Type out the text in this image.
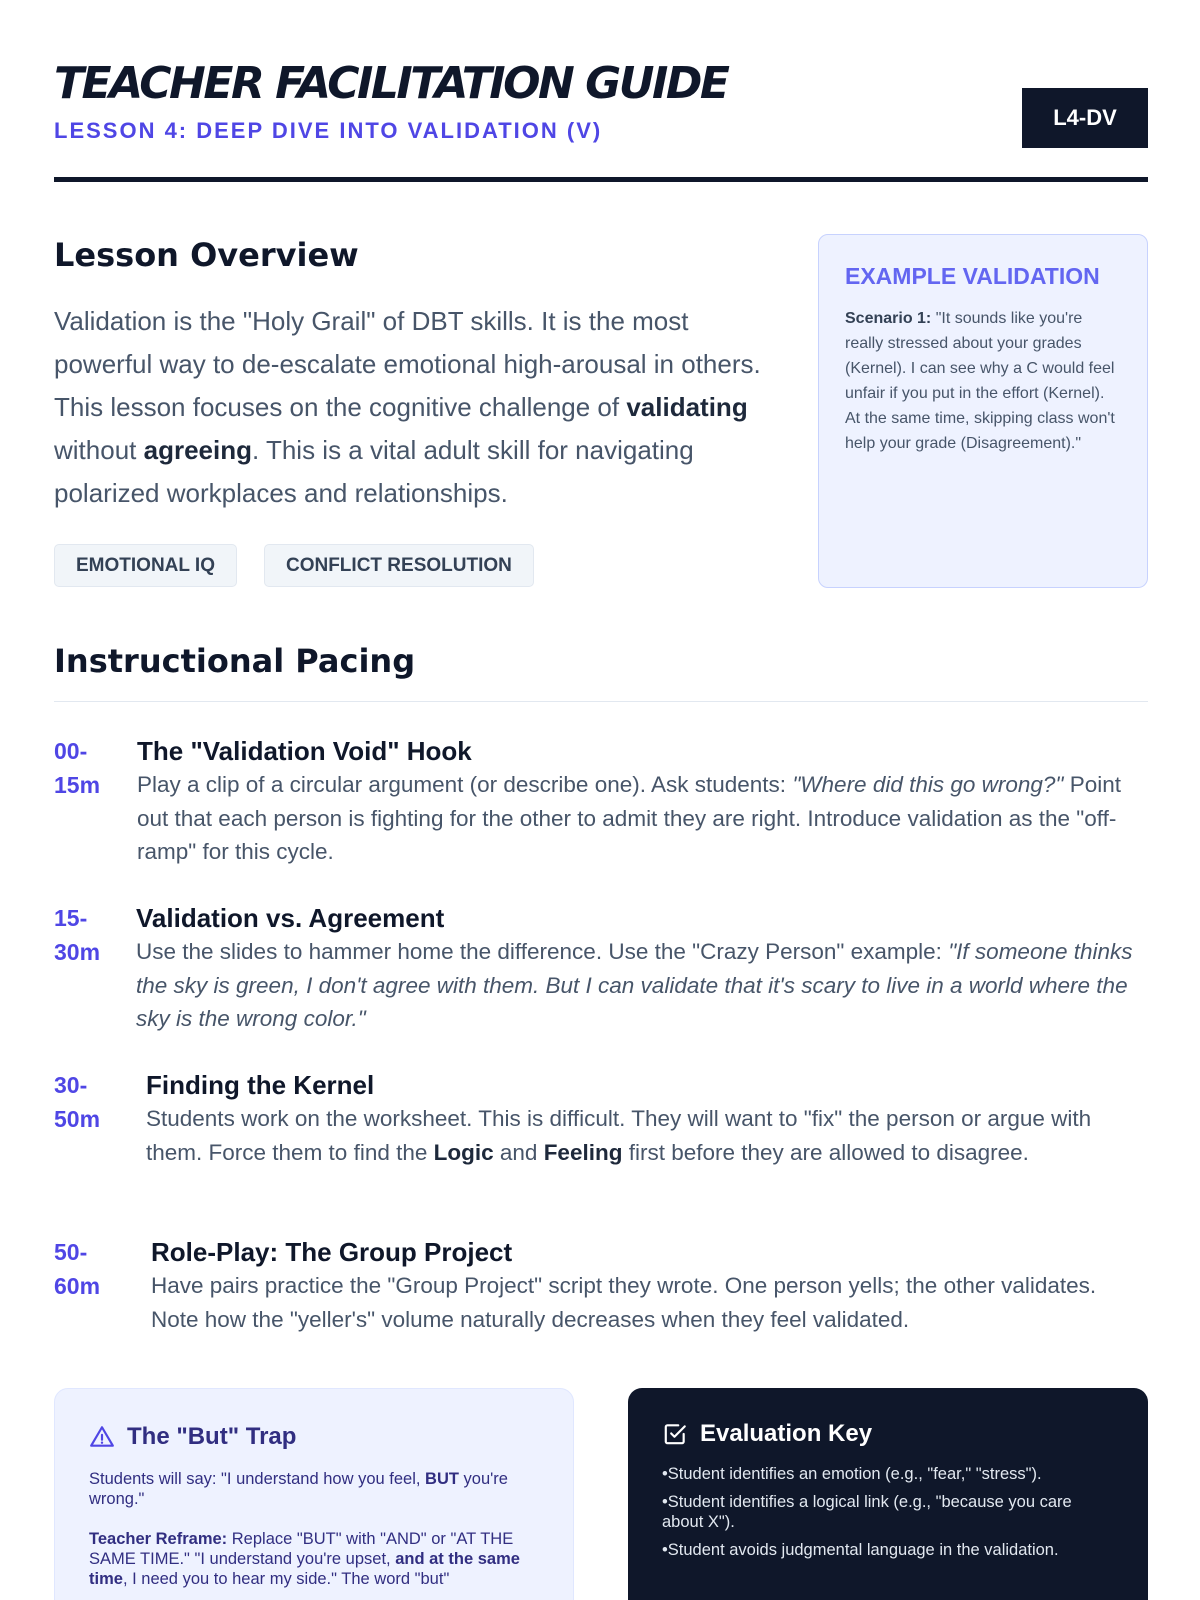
TEACHER FACILITATION GUIDE
LESSON 4: DEEP DIVE INTO VALIDATION (V)
L4-DV
Lesson Overview

Validation is the "Holy Grail" of DBT skills. It is the most powerful way to de-escalate emotional high-arousal in others. This lesson focuses on the cognitive challenge of validating without agreeing. This is a vital adult skill for navigating polarized workplaces and relationships.

EMOTIONAL IQ	CONFLICT RESOLUTION
EXAMPLE VALIDATION

Scenario 1: "It sounds like you're really stressed about your grades (Kernel). I can see why a C would feel unfair if you put in the effort (Kernel). At the same time, skipping class won't help your grade (Disagreement)."

Instructional Pacing
00-
15m
The "Validation Void" Hook

Play a clip of a circular argument (or describe one). Ask students: "Where did this go wrong?" Point out that each person is fighting for the other to admit they are right. Introduce validation as the "off-ramp" for this cycle.

15-
30m
Validation vs. Agreement

Use the slides to hammer home the difference. Use the "Crazy Person" example: "If someone thinks the sky is green, I don't agree with them. But I can validate that it's scary to live in a world where the sky is the wrong color."

30-
50m
Finding the Kernel

Students work on the worksheet. This is difficult. They will want to "fix" the person or argue with them. Force them to find the Logic and Feeling first before they are allowed to disagree.

50-
60m
Role-Play: The Group Project

Have pairs practice the "Group Project" script they wrote. One person yells; the other validates. Note how the "yeller's" volume naturally decreases when they feel validated.

The "But" Trap

Students will say: "I understand how you feel, BUT you're wrong."

Teacher Reframe: Replace "BUT" with "AND" or "AT THE SAME TIME." "I understand you're upset, and at the same time, I need you to hear my side." The word "but"

Evaluation Key
• Student identifies an emotion (e.g., "fear," "stress").
• Student identifies a logical link (e.g., "because you care about X").
• Student avoids judgmental language in the validation.
